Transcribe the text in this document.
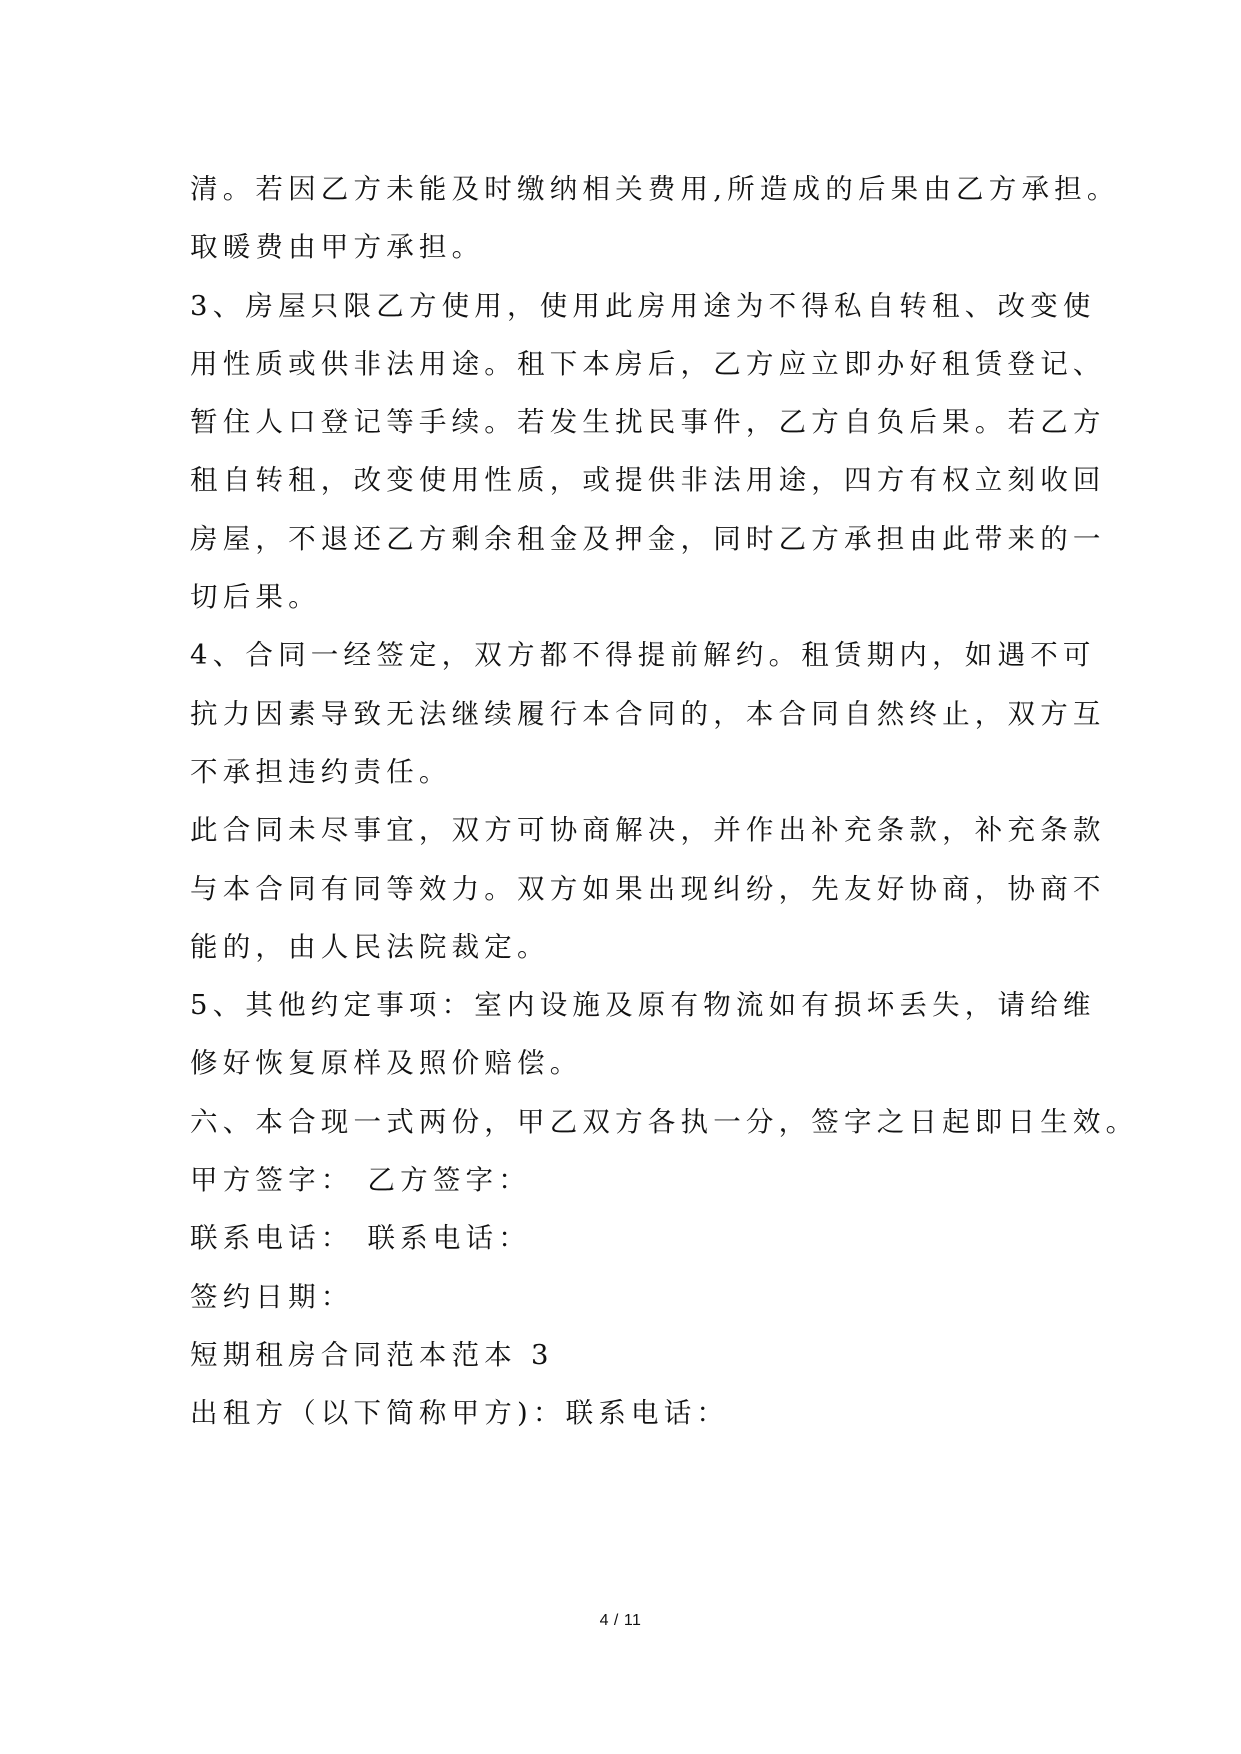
清。若因乙方未能及时缴纳相关费用,所造成的后果由乙方承担。
取暖费由甲方承担。
3、房屋只限乙方使用，使用此房用途为不得私自转租、改变使
用性质或供非法用途。租下本房后，乙方应立即办好租赁登记、
暂住人口登记等手续。若发生扰民事件，乙方自负后果。若乙方
租自转租，改变使用性质，或提供非法用途，四方有权立刻收回
房屋，不退还乙方剩余租金及押金，同时乙方承担由此带来的一
切后果。
4、合同一经签定，双方都不得提前解约。租赁期内，如遇不可
抗力因素导致无法继续履行本合同的，本合同自然终止，双方互
不承担违约责任。
此合同未尽事宜，双方可协商解决，并作出补充条款，补充条款
与本合同有同等效力。双方如果出现纠纷，先友好协商，协商不
能的，由人民法院裁定。
5、其他约定事项：室内设施及原有物流如有损坏丢失，请给维
修好恢复原样及照价赔偿。
六、本合现一式两份，甲乙双方各执一分，签字之日起即日生效。
甲方签字： 乙方签字：
联系电话： 联系电话：
签约日期：
短期租房合同范本范本 3
出租方（以下简称甲方)：联系电话：
4 / 11
